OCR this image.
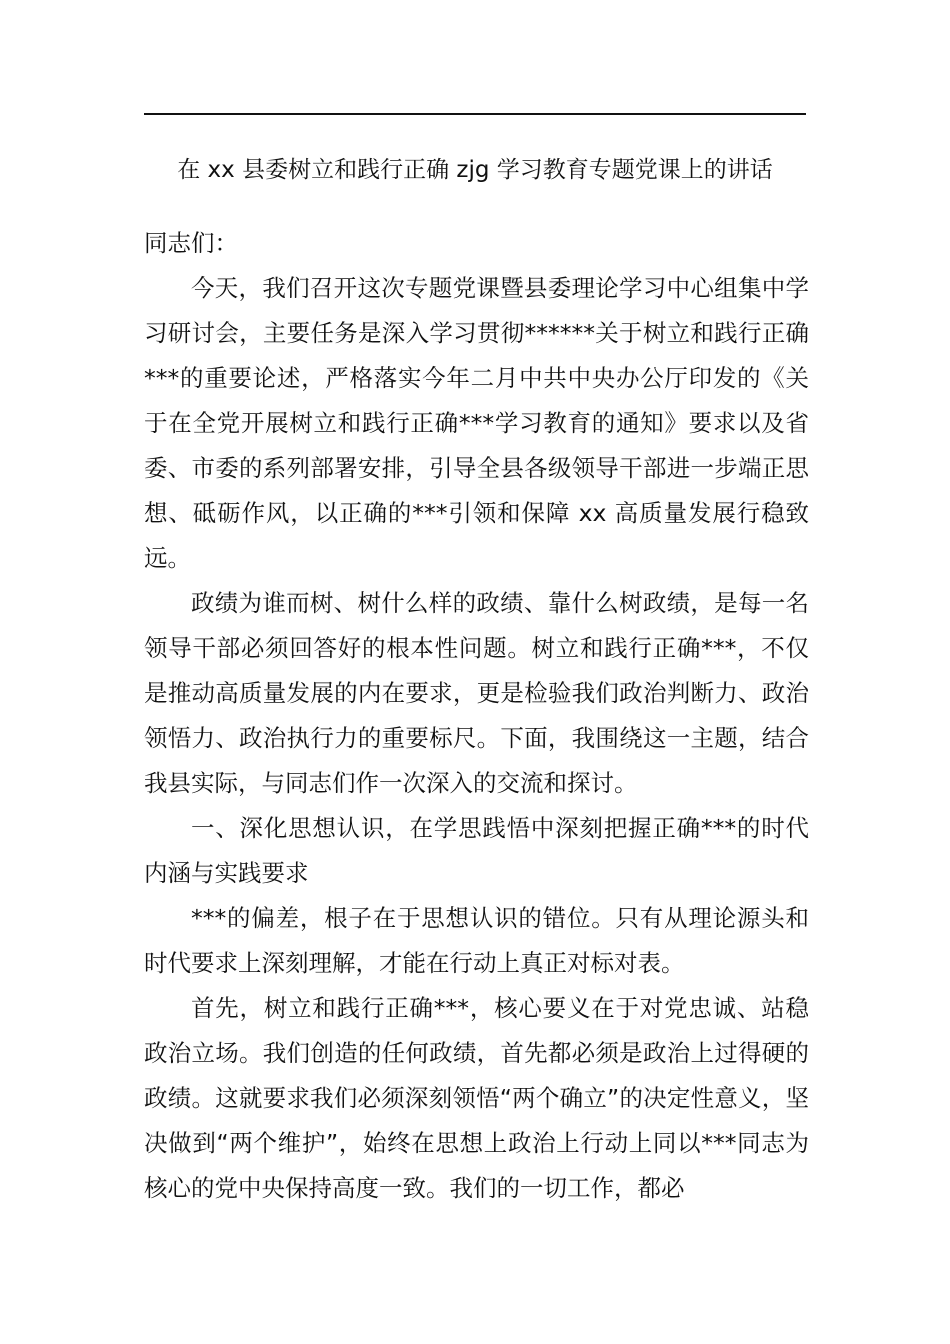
在 xx 县委树立和践行正确 zjg 学习教育专题党课上的讲话

同志们：

今天，我们召开这次专题党课暨县委理论学习中心组集中学习研讨会，主要任务是深入学习贯彻******关于树立和践行正确***的重要论述，严格落实今年二月中共中央办公厅印发的《关于在全党开展树立和践行正确***学习教育的通知》要求以及省委、市委的系列部署安排，引导全县各级领导干部进一步端正思想、砥砺作风，以正确的***引领和保障 xx 高质量发展行稳致远。

政绩为谁而树、树什么样的政绩、靠什么树政绩，是每一名领导干部必须回答好的根本性问题。树立和践行正确***，不仅是推动高质量发展的内在要求，更是检验我们政治判断力、政治领悟力、政治执行力的重要标尺。下面，我围绕这一主题，结合我县实际，与同志们作一次深入的交流和探讨。

一、深化思想认识，在学思践悟中深刻把握正确***的时代内涵与实践要求

***的偏差，根子在于思想认识的错位。只有从理论源头和时代要求上深刻理解，才能在行动上真正对标对表。

首先，树立和践行正确***，核心要义在于对党忠诚、站稳政治立场。我们创造的任何政绩，首先都必须是政治上过得硬的政绩。这就要求我们必须深刻领悟“两个确立”的决定性意义，坚决做到“两个维护”，始终在思想上政治上行动上同以***同志为核心的党中央保持高度一致。我们的一切工作，都必
